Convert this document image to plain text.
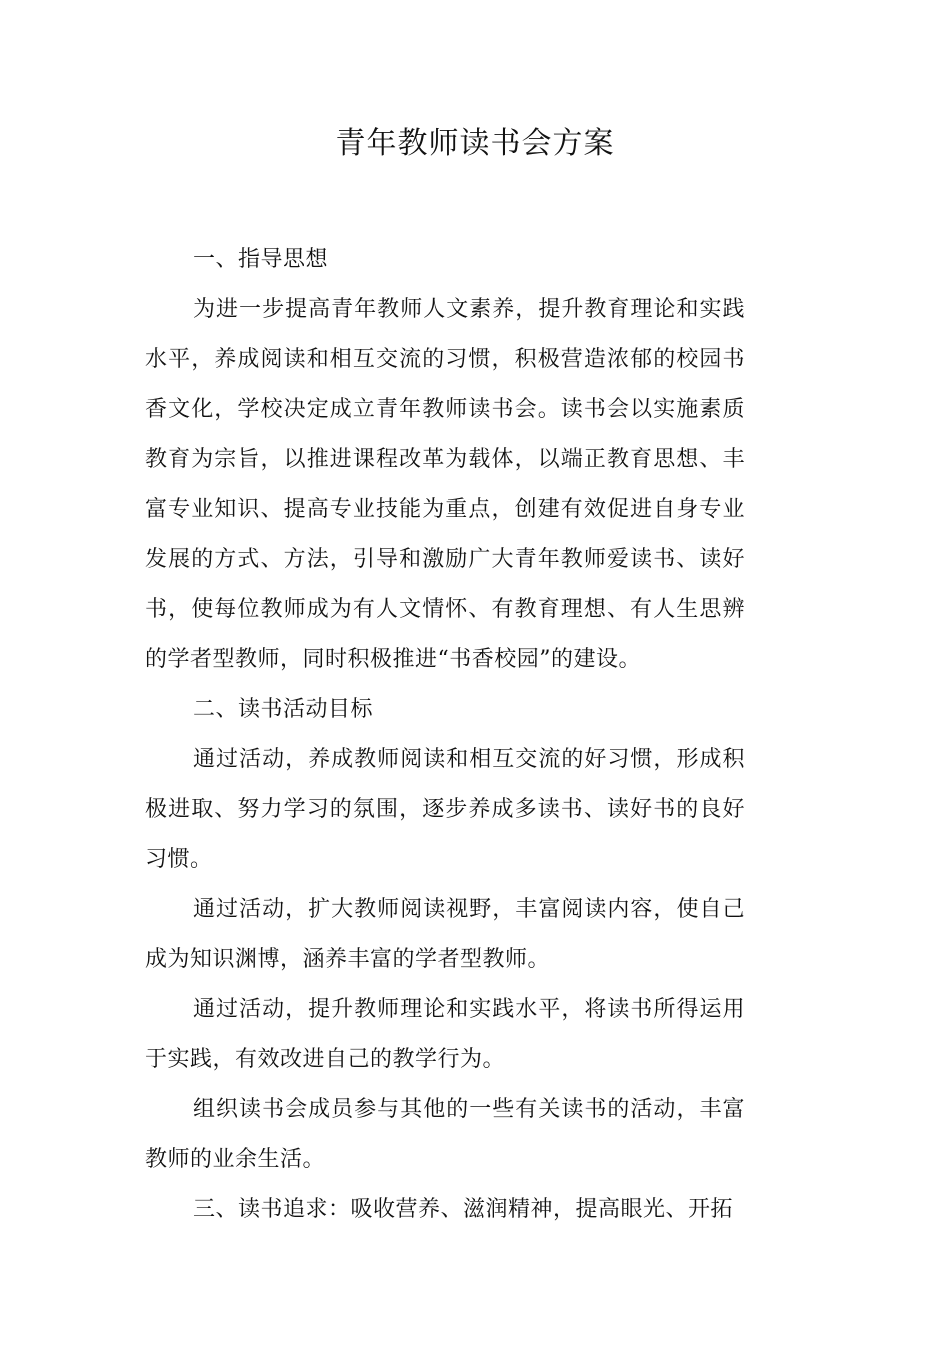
青年教师读书会方案

一、指导思想

为进一步提高青年教师人文素养，提升教育理论和实践水平，养成阅读和相互交流的习惯，积极营造浓郁的校园书香文化，学校决定成立青年教师读书会。读书会以实施素质教育为宗旨，以推进课程改革为载体，以端正教育思想、丰富专业知识、提高专业技能为重点，创建有效促进自身专业发展的方式、方法，引导和激励广大青年教师爱读书、读好书，使每位教师成为有人文情怀、有教育理想、有人生思辨的学者型教师，同时积极推进“书香校园”的建设。

二、读书活动目标

通过活动，养成教师阅读和相互交流的好习惯，形成积极进取、努力学习的氛围，逐步养成多读书、读好书的良好习惯。

通过活动，扩大教师阅读视野，丰富阅读内容，使自己成为知识渊博，涵养丰富的学者型教师。

通过活动，提升教师理论和实践水平，将读书所得运用于实践，有效改进自己的教学行为。

组织读书会成员参与其他的一些有关读书的活动，丰富教师的业余生活。

三、读书追求：吸收营养、滋润精神，提高眼光、开拓
